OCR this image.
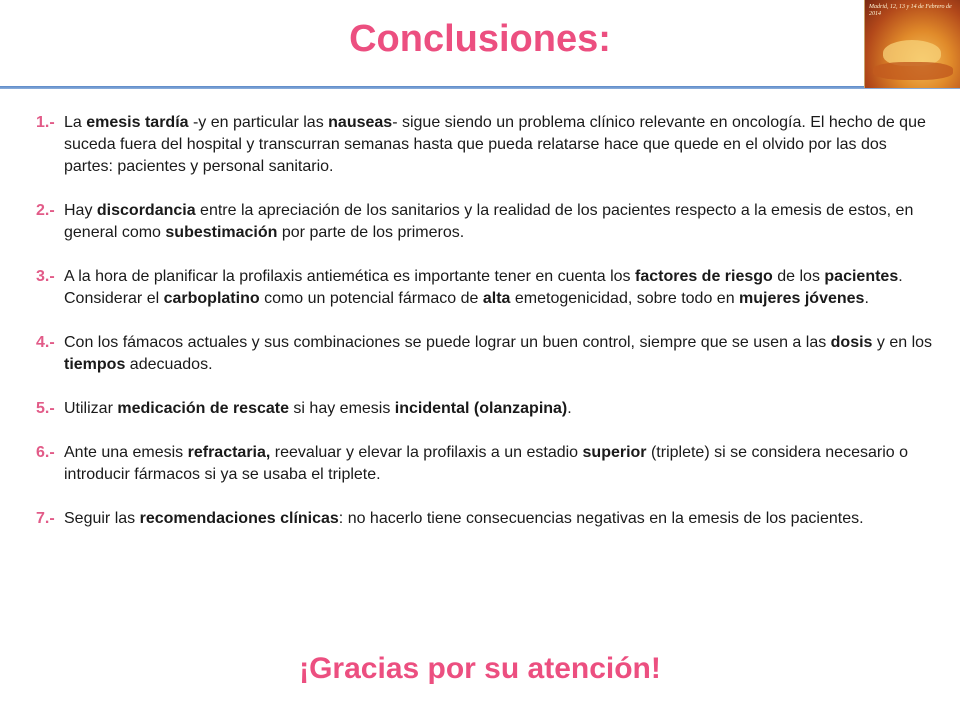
Conclusiones:
Madrid, 12, 13 y 14 de Febrero de 2014
1.- La emesis tardía -y en particular las nauseas- sigue siendo un problema clínico relevante en oncología. El hecho de que suceda fuera del hospital y transcurran semanas hasta que pueda relatarse hace que quede en el olvido por las dos partes: pacientes y personal sanitario.
2.- Hay discordancia entre la apreciación de los sanitarios y la realidad de los pacientes respecto a la emesis de estos, en general como subestimación por parte de los primeros.
3.- A la hora de planificar la profilaxis antiemética es importante tener en cuenta los factores de riesgo de los pacientes. Considerar el carboplatino como un potencial fármaco de alta emetogenicidad, sobre todo en mujeres jóvenes.
4.- Con los fámacos actuales y sus combinaciones se puede lograr un buen control, siempre que se usen a las dosis y en los tiempos adecuados.
5.- Utilizar medicación de rescate si hay emesis incidental (olanzapina).
6.- Ante una emesis refractaria, reevaluar y elevar la profilaxis a un estadio superior (triplete) si se considera necesario o introducir fármacos si ya se usaba el triplete.
7.- Seguir las recomendaciones clínicas: no hacerlo tiene consecuencias negativas en la emesis de los pacientes.
¡Gracias por su atención!
